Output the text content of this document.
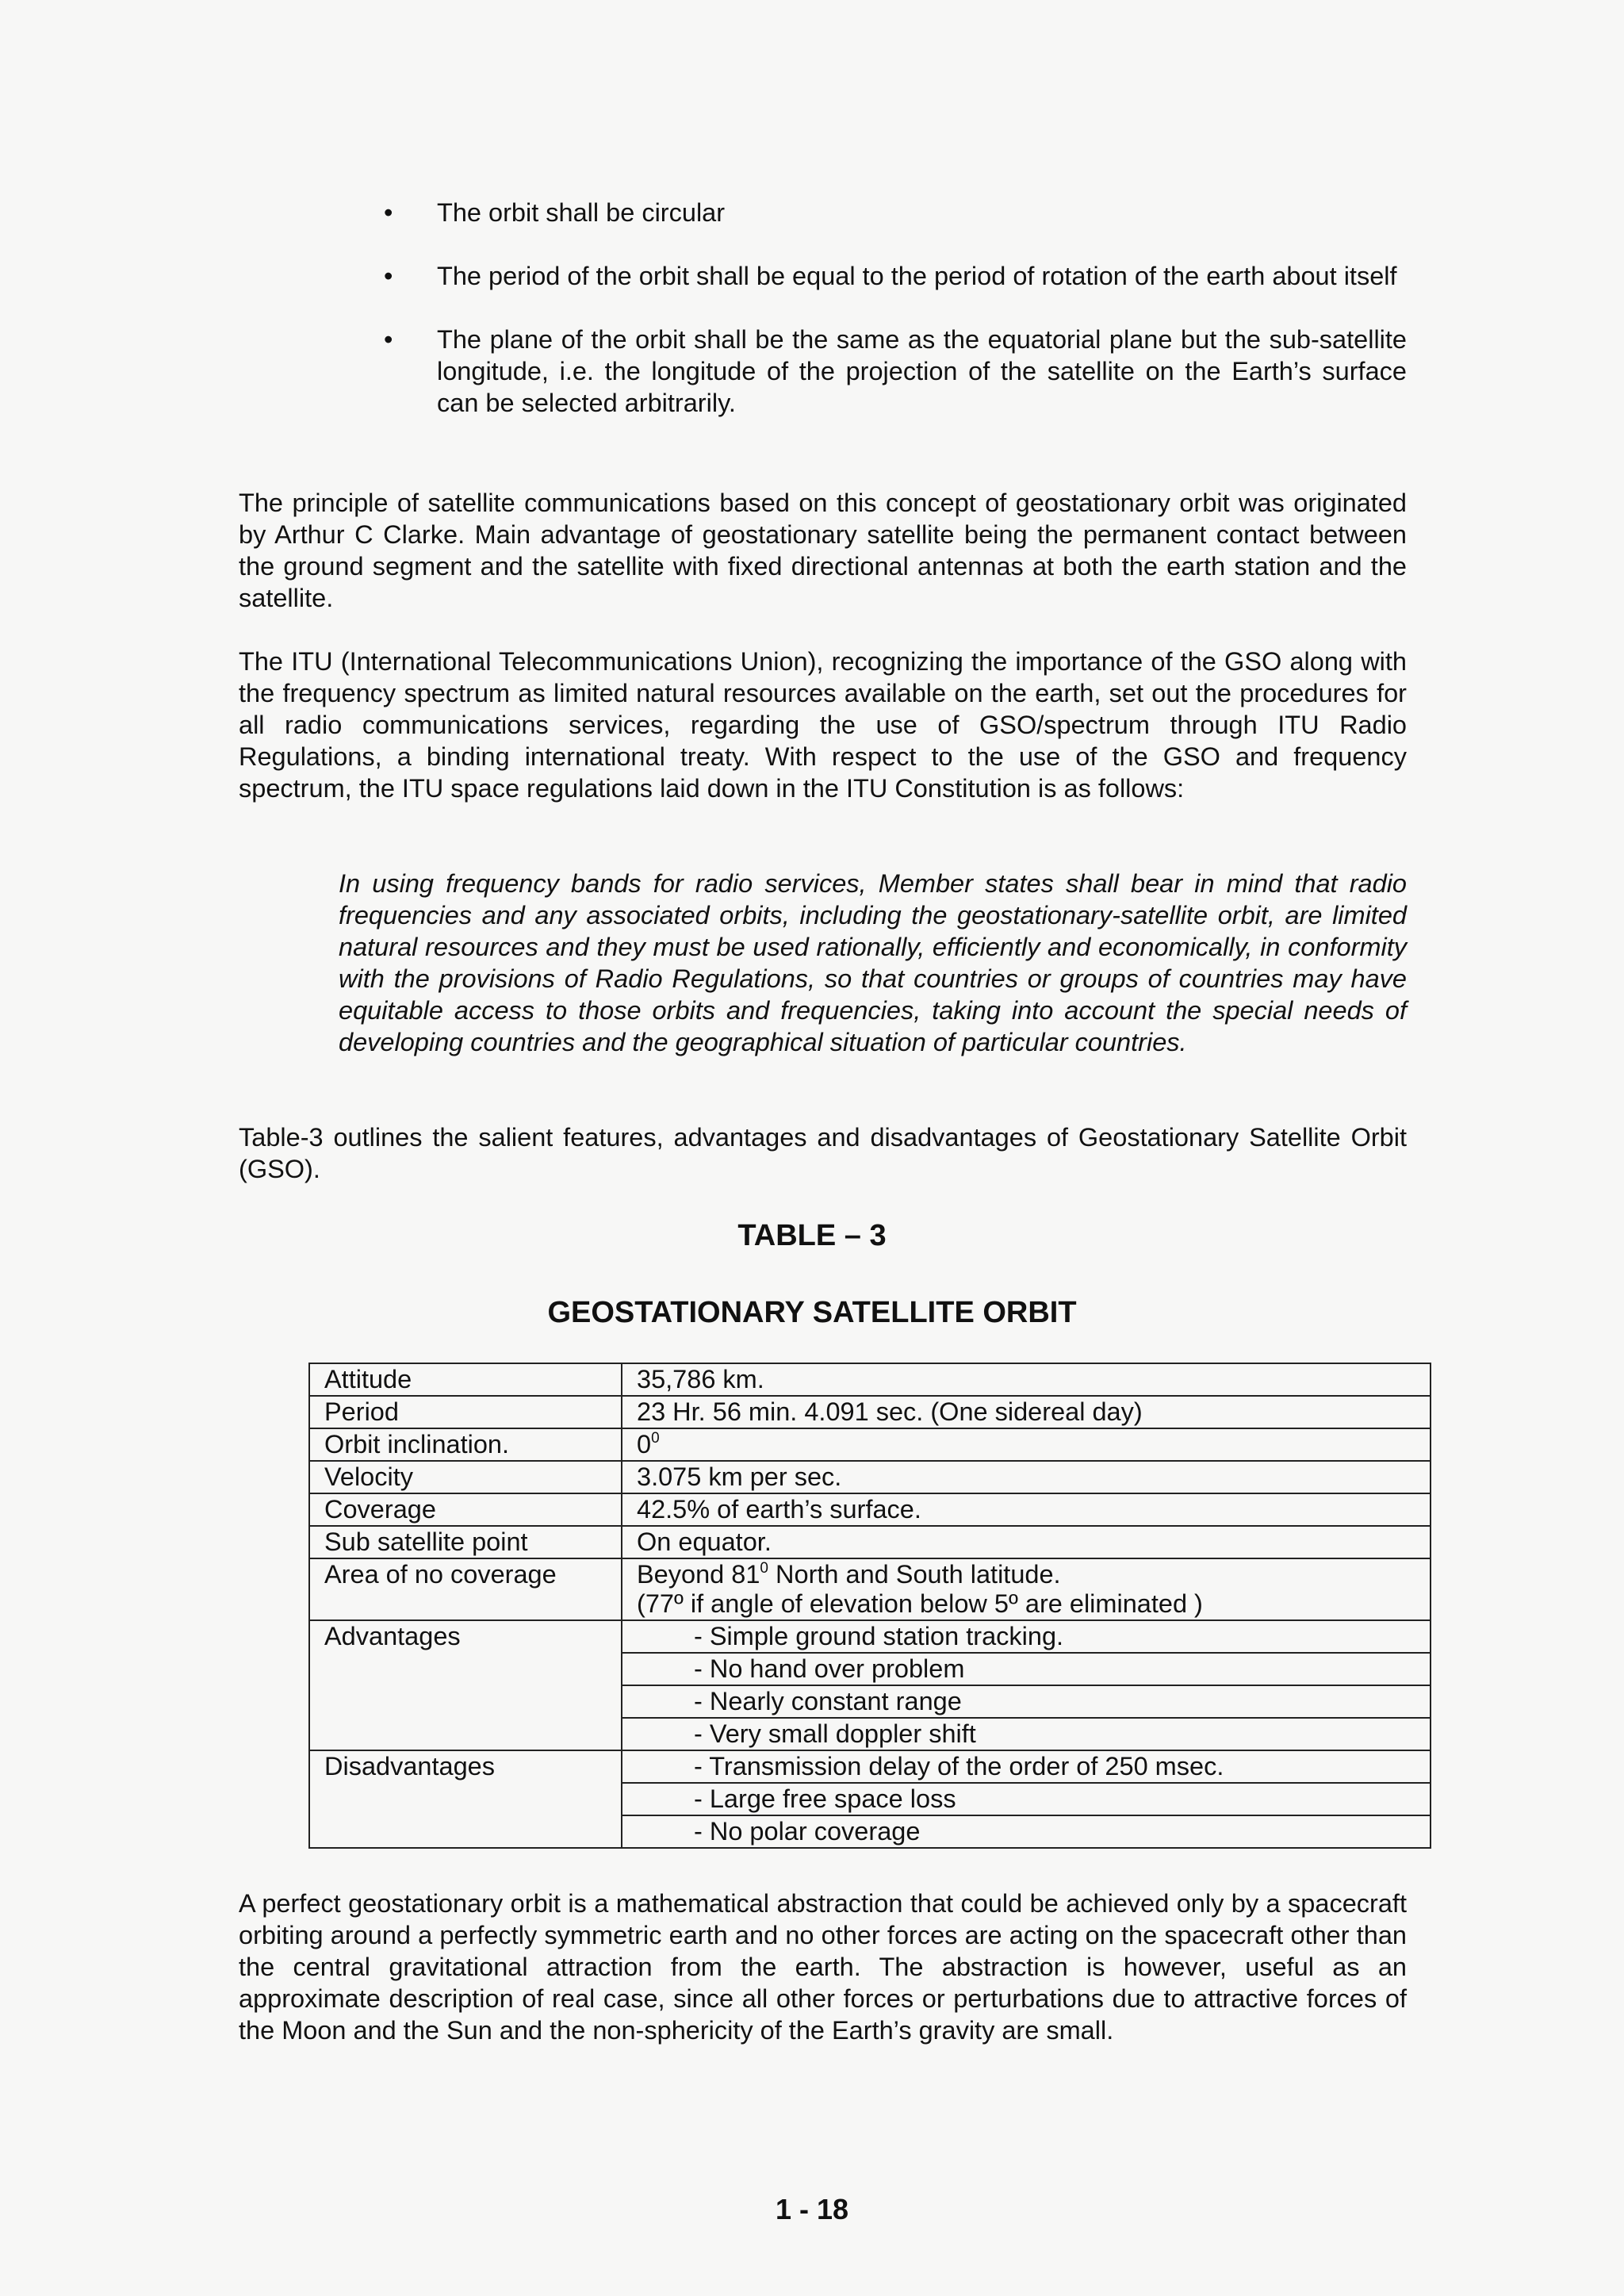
• The orbit shall be circular
• The period of the orbit shall be equal to the period of rotation of the earth about itself
• The plane of the orbit shall be the same as the equatorial plane but the sub-satellite longitude, i.e. the longitude of the projection of the satellite on the Earth’s surface can be selected arbitrarily.

The principle of satellite communications based on this concept of geostationary orbit was originated by Arthur C Clarke. Main advantage of geostationary satellite being the permanent contact between the ground segment and the satellite with fixed directional antennas at both the earth station and the satellite.

The ITU (International Telecommunications Union), recognizing the importance of the GSO along with the frequency spectrum as limited natural resources available on the earth, set out the procedures for all radio communications services, regarding the use of GSO/spectrum through ITU Radio Regulations, a binding international treaty. With respect to the use of the GSO and frequency spectrum, the ITU space regulations laid down in the ITU Constitution is as follows:

In using frequency bands for radio services, Member states shall bear in mind that radio frequencies and any associated orbits, including the geostationary-satellite orbit, are limited natural resources and they must be used rationally, efficiently and economically, in conformity with the provisions of Radio Regulations, so that countries or groups of countries may have equitable access to those orbits and frequencies, taking into account the special needs of developing countries and the geographical situation of particular countries.

Table-3 outlines the salient features, advantages and disadvantages of Geostationary Satellite Orbit (GSO).

TABLE – 3
GEOSTATIONARY SATELLITE ORBIT
Attitude	35,786 km.
Period	23 Hr. 56 min. 4.091 sec. (One sidereal day)
Orbit inclination.	$0^0$
Velocity	3.075 km per sec.
Coverage	42.5% of earth’s surface.
Sub satellite point	On equator.
Area of no coverage	Beyond $81^0$ North and South latitude.
(77º if angle of elevation below 5º are eliminated )

Advantages	- Simple ground station tracking.
	- No hand over problem
	- Nearly constant range
	- Very small doppler shift
Disadvantages	- Transmission delay of the order of 250 msec.
	- Large free space loss
	- No polar coverage

A perfect geostationary orbit is a mathematical abstraction that could be achieved only by a spacecraft orbiting around a perfectly symmetric earth and no other forces are acting on the spacecraft other than the central gravitational attraction from the earth. The abstraction is however, useful as an approximate description of real case, since all other forces or perturbations due to attractive forces of the Moon and the Sun and the non-sphericity of the Earth’s gravity are small.

1 - 18
